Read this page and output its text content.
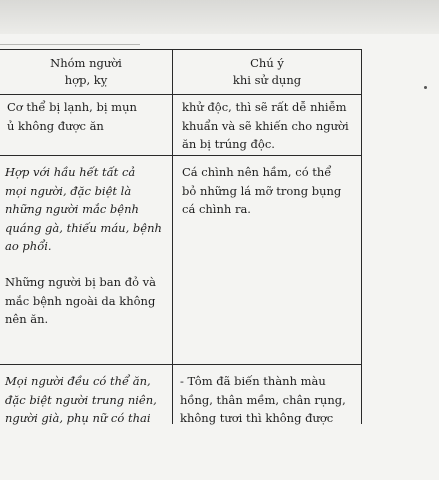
Nhóm người
hợp, kỵ
Chú ý
khi sử dụng
Cơ thể bị lạnh, bị mụn
ủ không được ăn
khử độc, thì sẽ rất dễ nhiễm
khuẩn và sẽ khiến cho người
ăn bị trúng độc.
Hợp với hầu hết tất cả
mọi người, đặc biệt là
những người mắc bệnh
quáng gà, thiếu máu, bệnh
ao phổi.
Những người bị ban đỏ và
mắc bệnh ngoài da không
nên ăn.
Cá chình nên hầm, có thể
bỏ những lá mỡ trong bụng
cá chình ra.
Mọi người đều có thể ăn,
đặc biệt người trung niên,
người già, phụ nữ có thai
- Tôm đã biến thành màu
hồng, thân mềm, chân rụng,
không tươi thì không được
